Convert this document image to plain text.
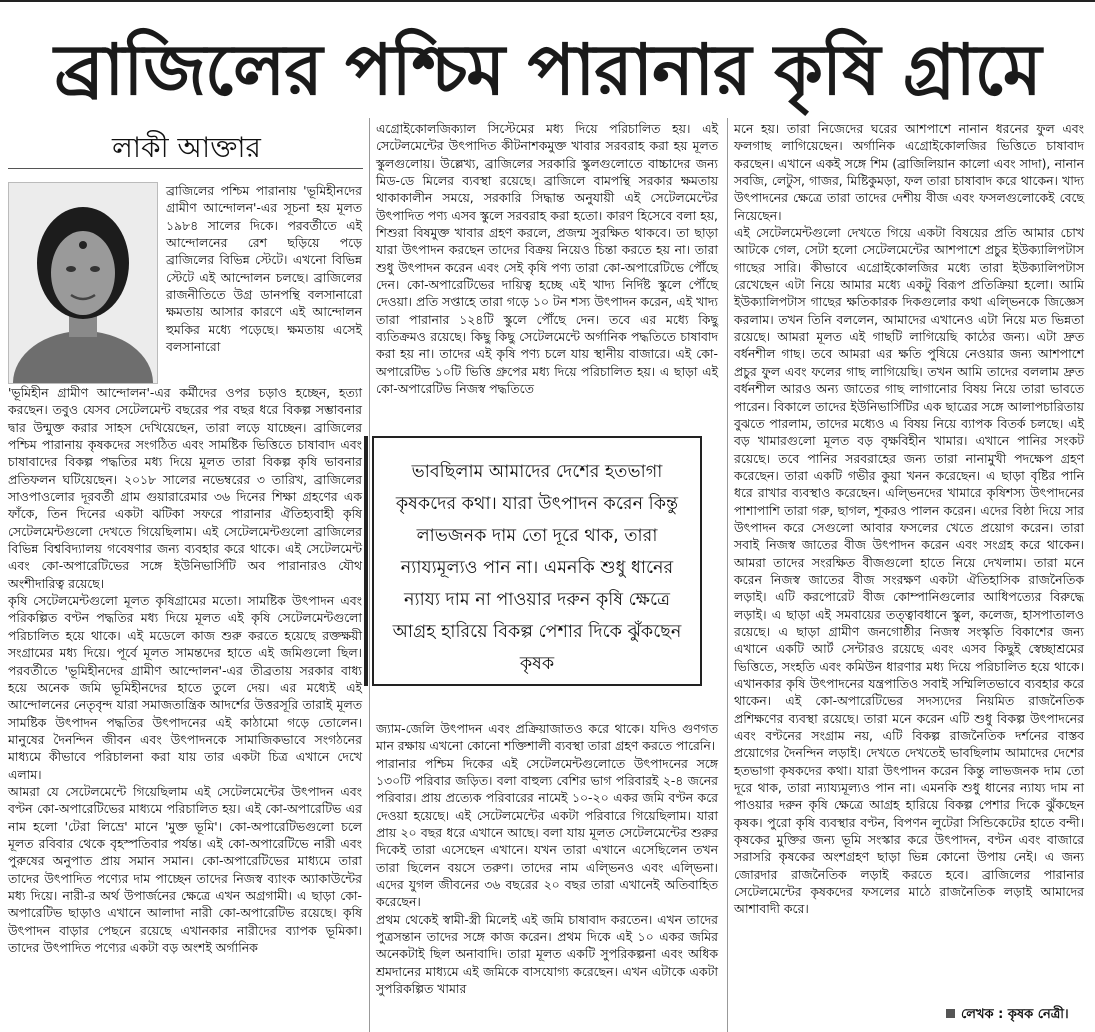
ব্রাজিলের পশ্চিম পারানার কৃষি গ্রামে
লাকী আক্তার
ব্রাজিলের পশ্চিম পারানায় 'ভূমিহীনদের গ্রামীণ আন্দোলন'-এর সূচনা হয় মূলত ১৯৮৪ সালের দিকে। পরবর্তীতে এই আন্দোলনের রেশ ছড়িয়ে পড়ে ব্রাজিলের বিভিন্ন স্টেটে। এখনো বিভিন্ন স্টেটে এই আন্দোলন চলছে। ব্রাজিলের রাজনীতিতে উগ্র ডানপন্থি বলসানারো ক্ষমতায় আসার কারণে এই আন্দোলন হুমকির মধ্যে পড়েছে। ক্ষমতায় এসেই বলসানারো

'ভূমিহীন গ্রামীণ আন্দোলন'-এর কর্মীদের ওপর চড়াও হচ্ছেন, হত্যা করছেন। তবুও যেসব সেটেলমেন্ট বছরের পর বছর ধরে বিকল্প সম্ভাবনার দ্বার উন্মুক্ত করার সাহস দেখিয়েছেন, তারা লড়ে যাচ্ছেন। ব্রাজিলের পশ্চিম পারানায় কৃষকদের সংগঠিত এবং সামষ্টিক ভিত্তিতে চাষাবাদ এবং চাষাবাদের বিকল্প পদ্ধতির মধ্য দিয়ে মূলত তারা বিকল্প কৃষি ভাবনার প্রতিফলন ঘটিয়েছেন। ২০১৮ সালের নভেম্বরের ৩ তারিখ, ব্রাজিলের সাওপাওলোর দূরবর্তী গ্রাম গুয়ারারেমার ৩৬ দিনের শিক্ষা গ্রহণের এক ফাঁকে, তিন দিনের একটা ঝটিকা সফরে পারানার ঐতিহ্যবাহী কৃষি সেটেলমেন্টগুলো দেখতে গিয়েছিলাম। এই সেটেলমেন্টগুলো ব্রাজিলের বিভিন্ন বিশ্ববিদ্যালয় গবেষণার জন্য ব্যবহার করে থাকে। এই সেটেলমেন্ট এবং কো-অপারেটিভের সঙ্গে ইউনিভার্সিটি অব পারানারও যৌথ অংশীদারিত্ব রয়েছে।

কৃষি সেটেলমেন্টগুলো মূলত কৃষিগ্রামের মতো। সামষ্টিক উৎপাদন এবং পরিকল্পিত বণ্টন পদ্ধতির মধ্য দিয়ে মূলত এই কৃষি সেটেলমেন্টগুলো পরিচালিত হয়ে থাকে। এই মডেলে কাজ শুরু করতে হয়েছে রক্তক্ষয়ী সংগ্রামের মধ্য দিয়ে। পূর্বে মূলত সামন্তদের হাতে এই জমিগুলো ছিল। পরবর্তীতে 'ভূমিহীনদের গ্রামীণ আন্দোলন'-এর তীব্রতায় সরকার বাধ্য হয়ে অনেক জমি ভূমিহীনদের হাতে তুলে দেয়। এর মধ্যেই এই আন্দোলনের নেতৃবৃন্দ যারা সমাজতান্ত্রিক আদর্শের উত্তরসূরি তারাই মূলত সামষ্টিক উৎপাদন পদ্ধতির উৎপাদনের এই কাঠামো গড়ে তোলেন। মানুষের দৈনন্দিন জীবন এবং উৎপাদনকে সামাজিকভাবে সংগঠনের মাধ্যমে কীভাবে পরিচালনা করা যায় তার একটা চিত্র এখানে দেখে এলাম।

আমরা যে সেটেলমেন্টে গিয়েছিলাম এই সেটেলমেন্টের উৎপাদন এবং বণ্টন কো-অপারেটিভের মাধ্যমে পরিচালিত হয়। এই কো-অপারেটিভ এর নাম হলো 'টেরা লিভ্রে' মানে 'মুক্ত ভূমি'। কো-অপারেটিভগুলো চলে মূলত রবিবার থেকে বৃহস্পতিবার পর্যন্ত। এই কো-অপারেটিভে নারী এবং পুরুষের অনুপাত প্রায় সমান সমান। কো-অপারেটিভের মাধ্যমে তারা তাদের উৎপাদিত পণ্যের দাম পাচ্ছেন তাদের নিজস্ব ব্যাংক অ্যাকাউন্টের মধ্য দিয়ে। নারী-র অর্থ উপার্জনের ক্ষেত্রে এখন অগ্রগামী। এ ছাড়া কো-অপারেটিভ ছাড়াও এখানে আলাদা নারী কো-অপারেটিভ রয়েছে। কৃষি উৎপাদন বাড়ার পেছনে রয়েছে এখানকার নারীদের ব্যাপক ভূমিকা। তাদের উৎপাদিত পণ্যের একটা বড় অংশই অর্গানিক

এগ্রোইকোলজিক্যাল সিস্টেমের মধ্য দিয়ে পরিচালিত হয়। এই সেটেলমেন্টের উৎপাদিত কীটনাশকমুক্ত খাবার সরবরাহ করা হয় মূলত স্কুলগুলোয়। উল্লেখ্য, ব্রাজিলের সরকারি স্কুলগুলোতে বাচ্চাদের জন্য মিড-ডে মিলের ব্যবস্থা রয়েছে। ব্রাজিলে বামপন্থি সরকার ক্ষমতায় থাকাকালীন সময়ে, সরকারি সিদ্ধান্ত অনুযায়ী এই সেটেলমেন্টের উৎপাদিত পণ্য এসব স্কুলে সরবরাহ করা হতো। কারণ হিসেবে বলা হয়, শিশুরা বিষমুক্ত খাবার গ্রহণ করলে, প্রজন্ম সুরক্ষিত থাকবে। তা ছাড়া যারা উৎপাদন করছেন তাদের বিক্রয় নিয়েও চিন্তা করতে হয় না। তারা শুধু উৎপাদন করেন এবং সেই কৃষি পণ্য তারা কো-অপারেটিভে পৌঁছে দেন। কো-অপারেটিভের দায়িত্ব হচ্ছে এই খাদ্য নির্দিষ্ট স্কুলে পৌঁছে দেওয়া। প্রতি সপ্তাহে তারা গড়ে ১০ টন শস্য উৎপাদন করেন, এই খাদ্য তারা পারানার ১২৪টি স্কুলে পৌঁছে দেন। তবে এর মধ্যে কিছু ব্যতিক্রমও রয়েছে। কিছু কিছু সেটেলমেন্টে অর্গানিক পদ্ধতিতে চাষাবাদ করা হয় না। তাদের এই কৃষি পণ্য চলে যায় স্থানীয় বাজারে। এই কো-অপারেটিভ ১০টি ভিত্তি গ্রুপের মধ্য দিয়ে পরিচালিত হয়। এ ছাড়া এই কো-অপারেটিভ নিজস্ব পদ্ধতিতে

ভাবছিলাম আমাদের দেশের হতভাগা কৃষকদের কথা। যারা উৎপাদন করেন কিন্তু লাভজনক দাম তো দূরে থাক, তারা ন্যায্যমূল্যও পান না। এমনকি শুধু ধানের ন্যায্য দাম না পাওয়ার দরুন কৃষি ক্ষেত্রে আগ্রহ হারিয়ে বিকল্প পেশার দিকে ঝুঁকছেন কৃষক

জ্যাম-জেলি উৎপাদন এবং প্রক্রিয়াজাতও করে থাকে। যদিও গুণগত মান রক্ষায় এখনো কোনো শক্তিশালী ব্যবস্থা তারা গ্রহণ করতে পারেনি।

পারানার পশ্চিম দিকের এই সেটেলমেন্টগুলোতে উৎপাদনের সঙ্গে ১৩০টি পরিবার জড়িত। বলা বাহুল্য বেশির ভাগ পরিবারই ২-৪ জনের পরিবার। প্রায় প্রত্যেক পরিবারের নামেই ১০-২০ একর জমি বণ্টন করে দেওয়া হয়েছে। এই সেটেলমেন্টের একটা পরিবারে গিয়েছিলাম। যারা প্রায় ২০ বছর ধরে এখানে আছে। বলা যায় মূলত সেটেলমেন্টের শুরুর দিকেই তারা এসেছেন এখানে। যখন তারা এখানে এসেছিলেন তখন তারা ছিলেন বয়সে তরুণ। তাদের নাম এল্ভিনও এবং এল্ভিনা। এদের যুগল জীবনের ৩৬ বছরের ২০ বছর তারা এখানেই অতিবাহিত করেছেন।

প্রথম থেকেই স্বামী-স্ত্রী মিলেই এই জমি চাষাবাদ করতেন। এখন তাদের পুত্রসন্তান তাদের সঙ্গে কাজ করেন। প্রথম দিকে এই ১০ একর জমির অনেকটাই ছিল অনাবাদি। তারা মূলত একটি সুপরিকল্পনা এবং অধিক শ্রমদানের মাধ্যমে এই জমিকে বাসযোগ্য করেছেন। এখন এটাকে একটা সুপরিকল্পিত খামার

মনে হয়। তারা নিজেদের ঘরের আশপাশে নানান ধরনের ফুল এবং ফলগাছ লাগিয়েছেন। অর্গানিক এগ্রোইকোলজির ভিত্তিতে চাষাবাদ করছেন। এখানে একই সঙ্গে শিম (ব্রাজিলিয়ান কালো এবং সাদা), নানান সবজি, লেটুস, গাজর, মিষ্টিকুমড়া, ফল তারা চাষাবাদ করে থাকেন। খাদ্য উৎপাদনের ক্ষেত্রে তারা তাদের দেশীয় বীজ এবং ফসলগুলোকেই বেছে নিয়েছেন।

এই সেটেলমেন্টগুলো দেখতে গিয়ে একটা বিষয়ের প্রতি আমার চোখ আটকে গেল, সেটা হলো সেটেলমেন্টের আশপাশে প্রচুর ইউক্যালিপটাস গাছের সারি। কীভাবে এগ্রোইকোলজির মধ্যে তারা ইউক্যালিপটাস রেখেছেন এটা নিয়ে আমার মধ্যে একটু বিরূপ প্রতিক্রিয়া হলো। আমি ইউক্যালিপটাস গাছের ক্ষতিকারক দিকগুলোর কথা এল্ভিনকে জিজ্ঞেস করলাম। তখন তিনি বললেন, আমাদের এখানেও এটা নিয়ে মত ভিন্নতা রয়েছে। আমরা মূলত এই গাছটি লাগিয়েছি কাঠের জন্য। এটা দ্রুত বর্ধনশীল গাছ। তবে আমরা এর ক্ষতি পুষিয়ে নেওয়ার জন্য আশপাশে প্রচুর ফুল এবং ফলের গাছ লাগিয়েছি। তখন আমি তাদের বললাম দ্রুত বর্ধনশীল আরও অন্য জাতের গাছ লাগানোর বিষয় নিয়ে তারা ভাবতে পারেন। বিকালে তাদের ইউনিভার্সিটির এক ছাত্রের সঙ্গে আলাপচারিতায় বুঝতে পারলাম, তাদের মধ্যেও এ বিষয় নিয়ে ব্যাপক বিতর্ক চলছে। এই বড় খামারগুলো মূলত বড় বৃক্ষবিহীন খামার। এখানে পানির সংকট রয়েছে। তবে পানির সরবরাহের জন্য তারা নানামুখী পদক্ষেপ গ্রহণ করেছেন। তারা একটি গভীর কুয়া খনন করেছেন। এ ছাড়া বৃষ্টির পানি ধরে রাখার ব্যবস্থাও করেছেন। এল্ভিনদের খামারে কৃষিশস্য উৎপাদনের পাশাপাশি তারা গরু, ছাগল, শূকরও পালন করেন। এদের বিষ্ঠা দিয়ে সার উৎপাদন করে সেগুলো আবার ফসলের খেতে প্রয়োগ করেন। তারা সবাই নিজস্ব জাতের বীজ উৎপাদন করেন এবং সংগ্রহ করে থাকেন। আমরা তাদের সংরক্ষিত বীজগুলো হাতে নিয়ে দেখলাম। তারা মনে করেন নিজস্ব জাতের বীজ সংরক্ষণ একটা ঐতিহাসিক রাজনৈতিক লড়াই। এটি করপোরেট বীজ কোম্পানিগুলোর আধিপত্যের বিরুদ্ধে লড়াই। এ ছাড়া এই সমবায়ের তত্ত্বাবধানে স্কুল, কলেজ, হাসপাতালও রয়েছে। এ ছাড়া গ্রামীণ জনগোষ্ঠীর নিজস্ব সংস্কৃতি বিকাশের জন্য এখানে একটি আর্ট সেন্টারও রয়েছে এবং এসব কিছুই স্বেচ্ছাশ্রমের ভিত্তিতে, সংহতি এবং কমিউন ধারণার মধ্য দিয়ে পরিচালিত হয়ে থাকে। এখানকার কৃষি উৎপাদনের যন্ত্রপাতিও সবাই সম্মিলিতভাবে ব্যবহার করে থাকেন। এই কো-অপারেটিভের সদস্যদের নিয়মিত রাজনৈতিক প্রশিক্ষণের ব্যবস্থা রয়েছে। তারা মনে করেন এটি শুধু বিকল্প উৎপাদনের এবং বণ্টনের সংগ্রাম নয়, এটি বিকল্প রাজনৈতিক দর্শনের বাস্তব প্রয়োগের দৈনন্দিন লড়াই। দেখতে দেখতেই ভাবছিলাম আমাদের দেশের হতভাগা কৃষকদের কথা। যারা উৎপাদন করেন কিন্তু লাভজনক দাম তো দূরে থাক, তারা ন্যায্যমূল্যও পান না। এমনকি শুধু ধানের ন্যায্য দাম না পাওয়ার দরুন কৃষি ক্ষেত্রে আগ্রহ হারিয়ে বিকল্প পেশার দিকে ঝুঁকছেন কৃষক। পুরো কৃষি ব্যবস্থার বণ্টন, বিপণন লুটেরা সিন্ডিকেটের হাতে বন্দী। কৃষকের মুক্তির জন্য ভূমি সংস্কার করে উৎপাদন, বণ্টন এবং বাজারে সরাসরি কৃষকের অংশগ্রহণ ছাড়া ভিন্ন কোনো উপায় নেই। এ জন্য জোরদার রাজনৈতিক লড়াই করতে হবে। ব্রাজিলের পারানার সেটেলমেন্টের কৃষকদের ফসলের মাঠে রাজনৈতিক লড়াই আমাদের আশাবাদী করে।

লেখক : কৃষক নেত্রী।
